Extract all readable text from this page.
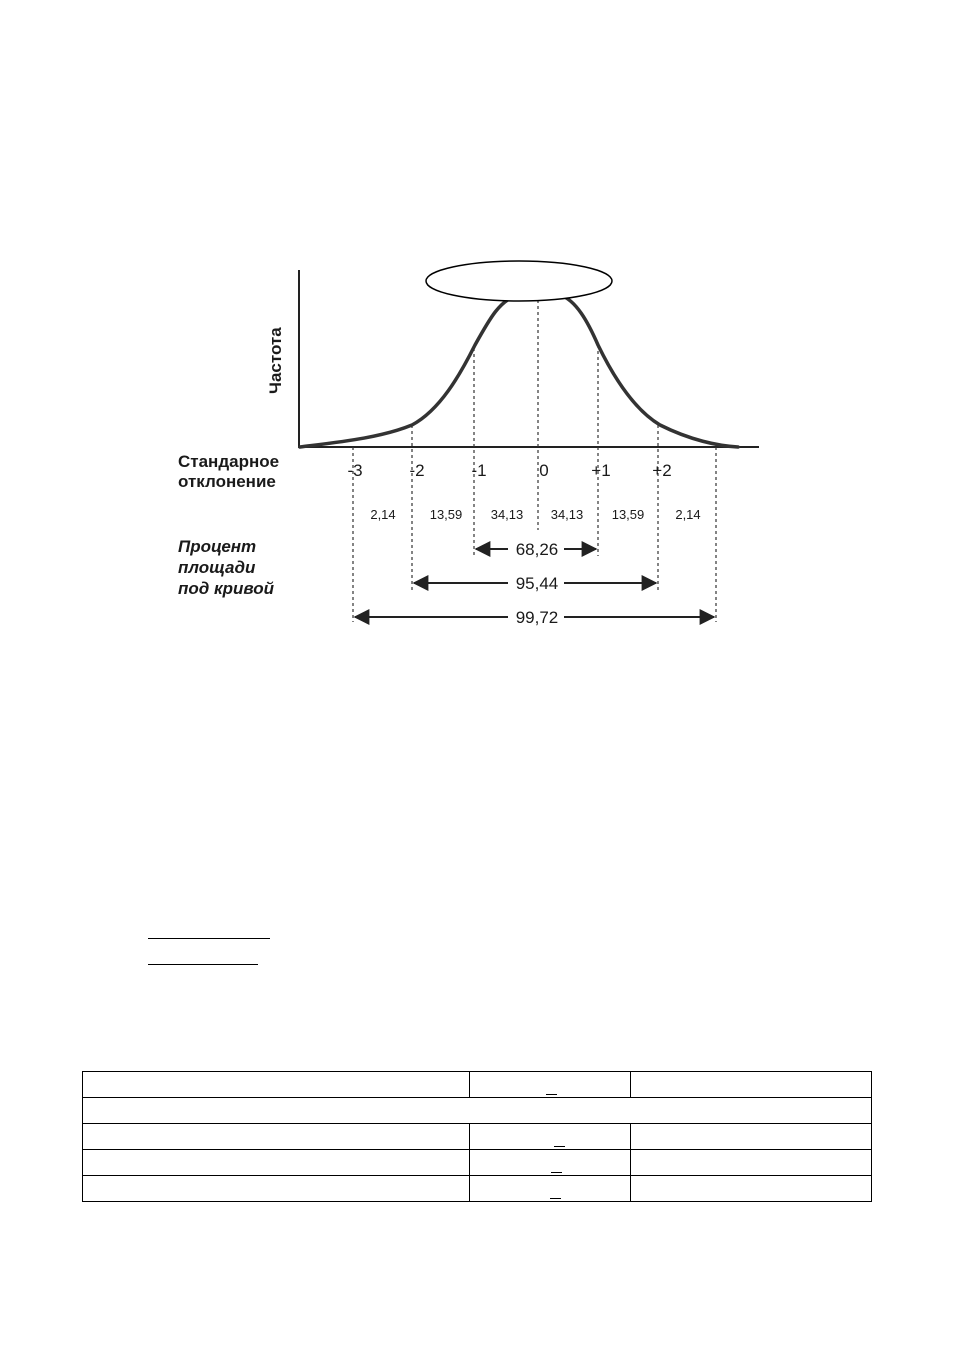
Частота
Стандарное
отклонение
Процент
площади
под кривой
-3	-2	-1	0	+1 +2
2,14	13,59 34,13 34,13 13,59 2,14
68,26
95,44
99,72
